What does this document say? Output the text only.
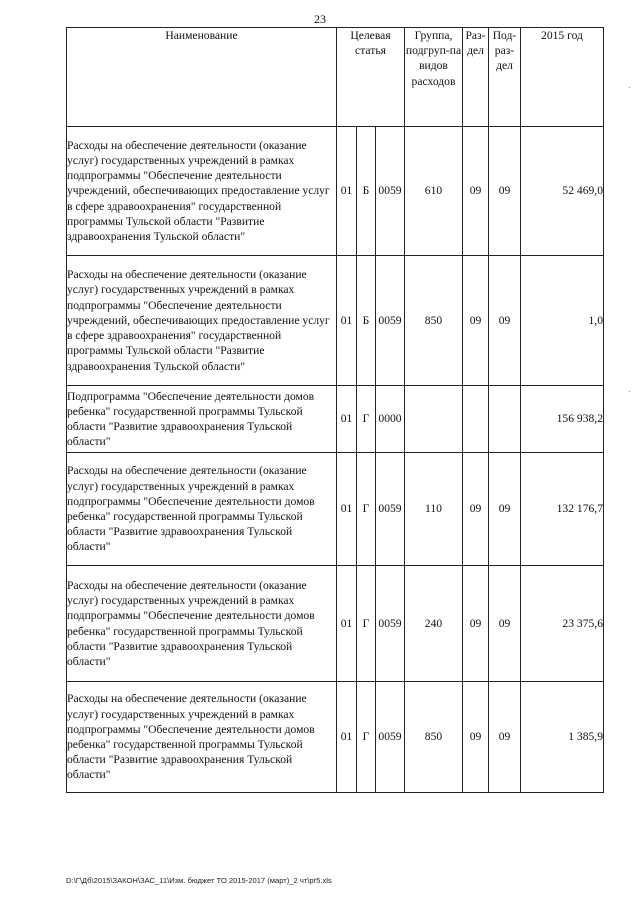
23
Наименование	Целевая статья			Группа, подгруп-па видов расходов	Раз-дел	Под-раз-дел	2015 год
Расходы на обеспечение деятельности (оказание услуг) государственных учреждений в рамках подпрограммы "Обеспечение деятельности учреждений, обеспечивающих предоставление услуг в сфере здравоохранения" государственной программы Тульской области "Развитие здравоохранения Тульской области"	01	Б	0059	610	09	09	52 469,0
Расходы на обеспечение деятельности (оказание услуг) государственных учреждений в рамках подпрограммы "Обеспечение деятельности учреждений, обеспечивающих предоставление услуг в сфере здравоохранения" государственной программы Тульской области "Развитие здравоохранения Тульской области"	01	Б	0059	850	09	09	1,0
Подпрограмма "Обеспечение деятельности домов ребенка" государственной программы Тульской области "Развитие здравоохранения Тульской области"	01	Г	0000				156 938,2
Расходы на обеспечение деятельности (оказание услуг) государственных учреждений в рамках подпрограммы "Обеспечение деятельности домов ребенка" государственной программы Тульской области "Развитие здравоохранения Тульской области"	01	Г	0059	110	09	09	132 176,7
Расходы на обеспечение деятельности (оказание услуг) государственных учреждений в рамках подпрограммы "Обеспечение деятельности домов ребенка" государственной программы Тульской области "Развитие здравоохранения Тульской области"	01	Г	0059	240	09	09	23 375,6
Расходы на обеспечение деятельности (оказание услуг) государственных учреждений в рамках подпрограммы "Обеспечение деятельности домов ребенка" государственной программы Тульской области "Развитие здравоохранения Тульской области"	01	Г	0059	850	09	09	1 385,9
D:\Г\Дб\2015\ЗАКОН\ЗАС_11\Изм. бюджет ТО 2015-2017 (март)_2 чт\pr5.xls
